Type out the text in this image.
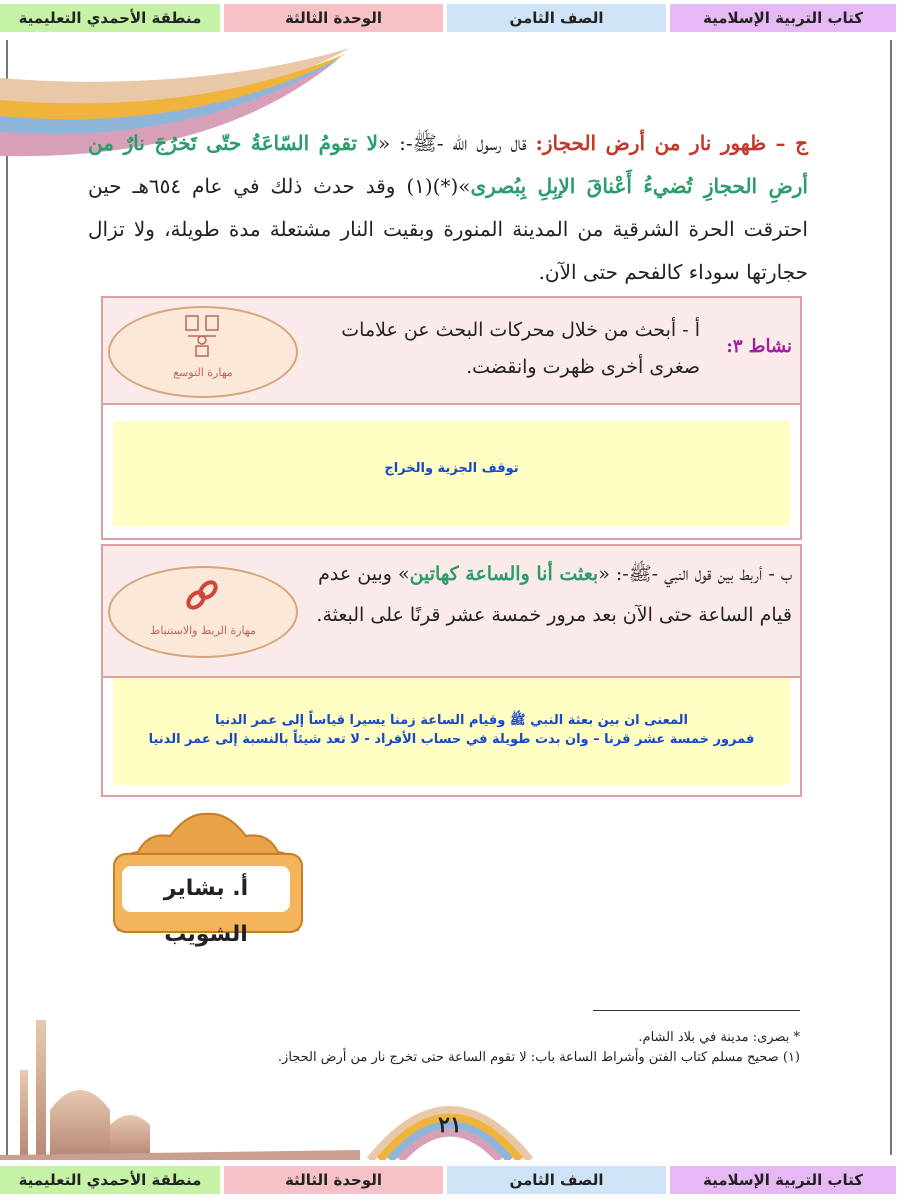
منطقة الأحمدي التعليمية	الوحدة الثالثة	الصف الثامن	كتاب التربية الإسلامية
ج – ظهور نار من أرض الحجاز: قال رسول الله -ﷺ-: «لا تقومُ السّاعَةُ حتّى تَخرُجَ نارٌ من أرضِ الحجازِ تُضيءُ أَعْناقَ الإبِلِ بِبُصرى»(*)(١) وقد حدث ذلك في عام ٦٥٤هـ حين احترقت الحرة الشرقية من المدينة المنورة وبقيت النار مشتعلة مدة طويلة، ولا تزال حجارتها سوداء كالفحم حتى الآن.
نشاط ٣:
أ - أبحث من خلال محركات البحث عن علامات صغرى أخرى ظهرت وانقضت.
مهارة التوسع
توقف الجزية والخراج
ب - أربط بين قول النبي -ﷺ-: «بعثت أنا والساعة كهاتين» وبين عدم قيام الساعة حتى الآن بعد مرور خمسة عشر قرنًا على البعثة.
مهارة الربط والاستنباط
المعنى ان بين بعثة النبي ﷺ وقيام الساعة زمنا يسيرا قياساً إلى عمر الدنيا
فمرور خمسة عشر قرنا – وان بدت طويلة في حساب الأفراد - لا تعد شيئاً بالنسبة إلى عمر الدنيا
أ. بشاير الشويب
* بصرى: مدينة في بلاد الشام.
(١) صحيح مسلم كتاب الفتن وأشراط الساعة باب: لا تقوم الساعة حتى تخرج نار من أرض الحجاز.
٢١
منطقة الأحمدي التعليمية	الوحدة الثالثة	الصف الثامن	كتاب التربية الإسلامية
